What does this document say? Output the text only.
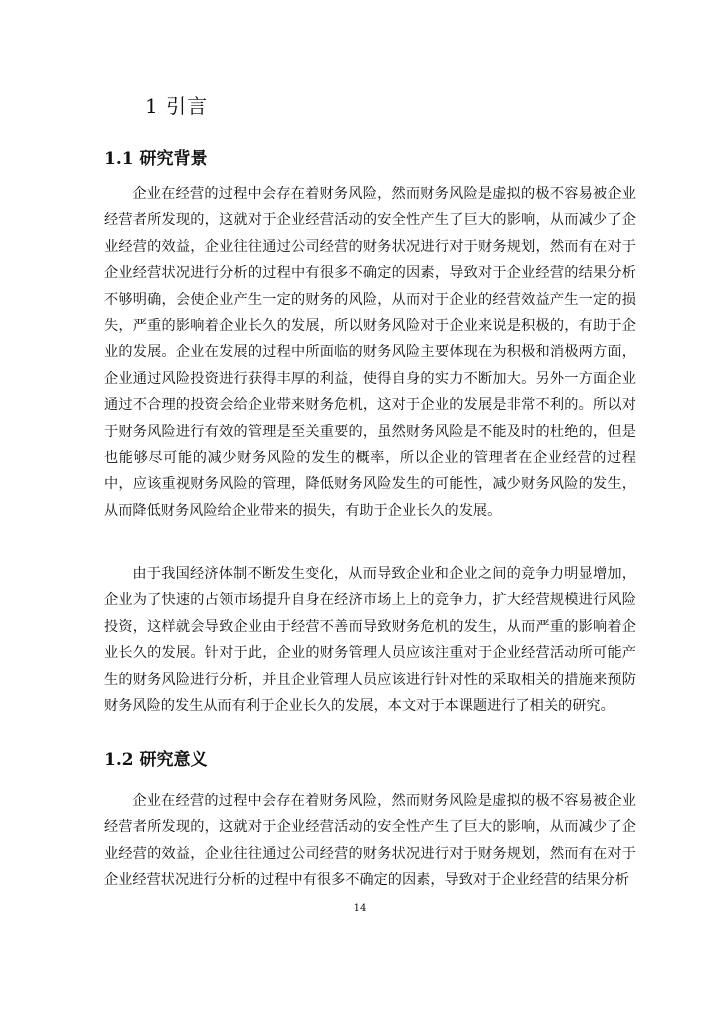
1 引言
1.1 研究背景

企业在经营的过程中会存在着财务风险，然而财务风险是虚拟的极不容易被企业经营者所发现的，这就对于企业经营活动的安全性产生了巨大的影响，从而减少了企业经营的效益，企业往往通过公司经营的财务状况进行对于财务规划，然而有在对于企业经营状况进行分析的过程中有很多不确定的因素，导致对于企业经营的结果分析不够明确，会使企业产生一定的财务的风险，从而对于企业的经营效益产生一定的损失，严重的影响着企业长久的发展，所以财务风险对于企业来说是积极的，有助于企业的发展。企业在发展的过程中所面临的财务风险主要体现在为积极和消极两方面，企业通过风险投资进行获得丰厚的利益，使得自身的实力不断加大。另外一方面企业通过不合理的投资会给企业带来财务危机，这对于企业的发展是非常不利的。所以对于财务风险进行有效的管理是至关重要的，虽然财务风险是不能及时的杜绝的，但是也能够尽可能的减少财务风险的发生的概率，所以企业的管理者在企业经营的过程中，应该重视财务风险的管理，降低财务风险发生的可能性，减少财务风险的发生，从而降低财务风险给企业带来的损失，有助于企业长久的发展。

由于我国经济体制不断发生变化，从而导致企业和企业之间的竞争力明显增加，企业为了快速的占领市场提升自身在经济市场上上的竞争力，扩大经营规模进行风险投资，这样就会导致企业由于经营不善而导致财务危机的发生，从而严重的影响着企业长久的发展。针对于此，企业的财务管理人员应该注重对于企业经营活动所可能产生的财务风险进行分析，并且企业管理人员应该进行针对性的采取相关的措施来预防财务风险的发生从而有利于企业长久的发展，本文对于本课题进行了相关的研究。

1.2 研究意义

企业在经营的过程中会存在着财务风险，然而财务风险是虚拟的极不容易被企业经营者所发现的，这就对于企业经营活动的安全性产生了巨大的影响，从而减少了企业经营的效益，企业往往通过公司经营的财务状况进行对于财务规划，然而有在对于企业经营状况进行分析的过程中有很多不确定的因素，导致对于企业经营的结果分析

14
